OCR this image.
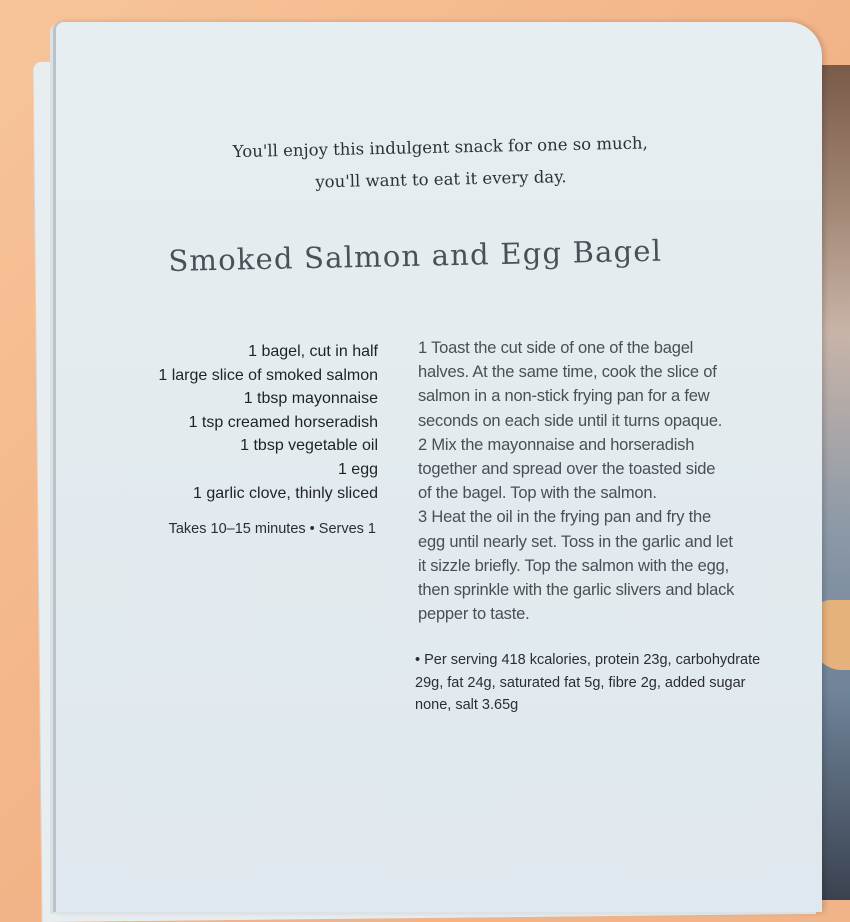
You'll enjoy this indulgent snack for one so much,
you'll want to eat it every day.
Smoked Salmon and Egg Bagel
1 bagel, cut in half
1 large slice of smoked salmon
1 tbsp mayonnaise
1 tsp creamed horseradish
1 tbsp vegetable oil
1 egg
1 garlic clove, thinly sliced
Takes 10–15 minutes • Serves 1
1 Toast the cut side of one of the bagel
halves. At the same time, cook the slice of
salmon in a non-stick frying pan for a few
seconds on each side until it turns opaque.
2 Mix the mayonnaise and horseradish
together and spread over the toasted side
of the bagel. Top with the salmon.
3 Heat the oil in the frying pan and fry the
egg until nearly set. Toss in the garlic and let
it sizzle briefly. Top the salmon with the egg,
then sprinkle with the garlic slivers and black
pepper to taste.
• Per serving 418 kcalories, protein 23g, carbohydrate
29g, fat 24g, saturated fat 5g, fibre 2g, added sugar
none, salt 3.65g
